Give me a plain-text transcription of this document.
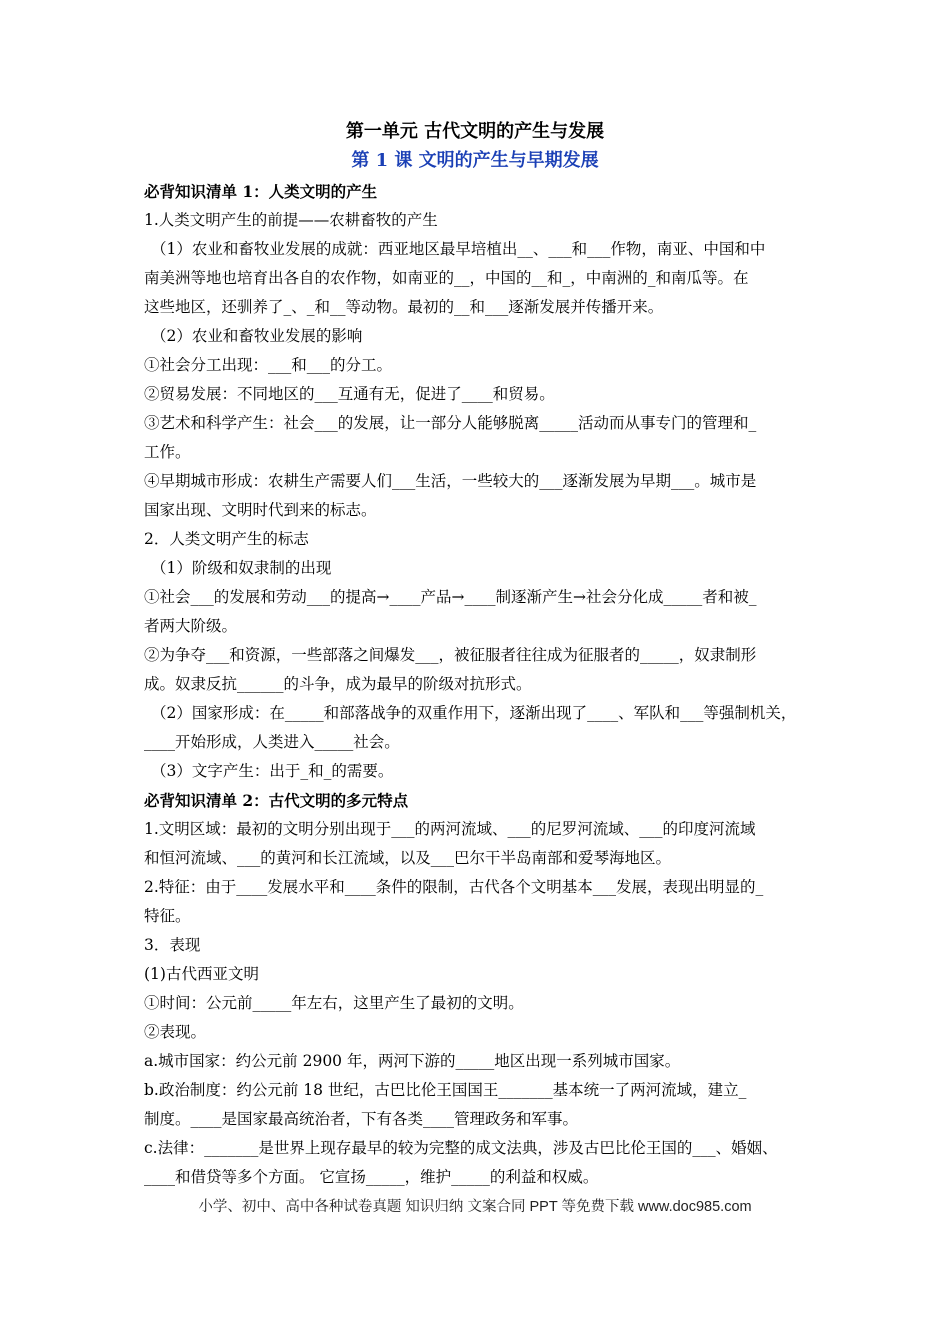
第一单元 古代文明的产生与发展
第 1 课 文明的产生与早期发展
必背知识清单 1：人类文明的产生
1.人类文明产生的前提——农耕畜牧的产生
（1）农业和畜牧业发展的成就：西亚地区最早培植出__、___和___作物，南亚、中国和中
南美洲等地也培育出各自的农作物，如南亚的__，中国的__和_，中南洲的_和南瓜等。在
这些地区，还驯养了_、_和__等动物。最初的__和___逐渐发展并传播开来。
（2）农业和畜牧业发展的影响
①社会分工出现：___和___的分工。
②贸易发展：不同地区的___互通有无，促进了____和贸易。
③艺术和科学产生：社会___的发展，让一部分人能够脱离_____活动而从事专门的管理和_
工作。
④早期城市形成：农耕生产需要人们___生活，一些较大的___逐渐发展为早期___。城市是
国家出现、文明时代到来的标志。
2．人类文明产生的标志
（1）阶级和奴隶制的出现
①社会___的发展和劳动___的提高→____产品→____制逐渐产生→社会分化成_____者和被_
者两大阶级。
②为争夺___和资源，一些部落之间爆发___，被征服者往往成为征服者的_____，奴隶制形
成。奴隶反抗______的斗争，成为最早的阶级对抗形式。
（2）国家形成：在_____和部落战争的双重作用下，逐渐出现了____、军队和___等强制机关，
____开始形成，人类进入_____社会。
（3）文字产生：出于_和_的需要。
必背知识清单 2：古代文明的多元特点
1.文明区域：最初的文明分别出现于___的两河流域、___的尼罗河流域、___的印度河流域
和恒河流域、___的黄河和长江流域，以及___巴尔干半岛南部和爱琴海地区。
2.特征：由于____发展水平和____条件的限制，古代各个文明基本___发展，表现出明显的_
特征。
3．表现
(1)古代西亚文明
①时间：公元前_____年左右，这里产生了最初的文明。
②表现。
a.城市国家：约公元前 2900 年，两河下游的_____地区出现一系列城市国家。
b.政治制度：约公元前 18 世纪，古巴比伦王国国王_______基本统一了两河流域，建立_
制度。____是国家最高统治者，下有各类____管理政务和军事。
c.法律：_______是世界上现存最早的较为完整的成文法典，涉及古巴比伦王国的___、婚姻、
____和借贷等多个方面。 它宣扬_____，维护_____的利益和权威。
小学、初中、高中各种试卷真题 知识归纳 文案合同 PPT 等免费下载 www.doc985.com
